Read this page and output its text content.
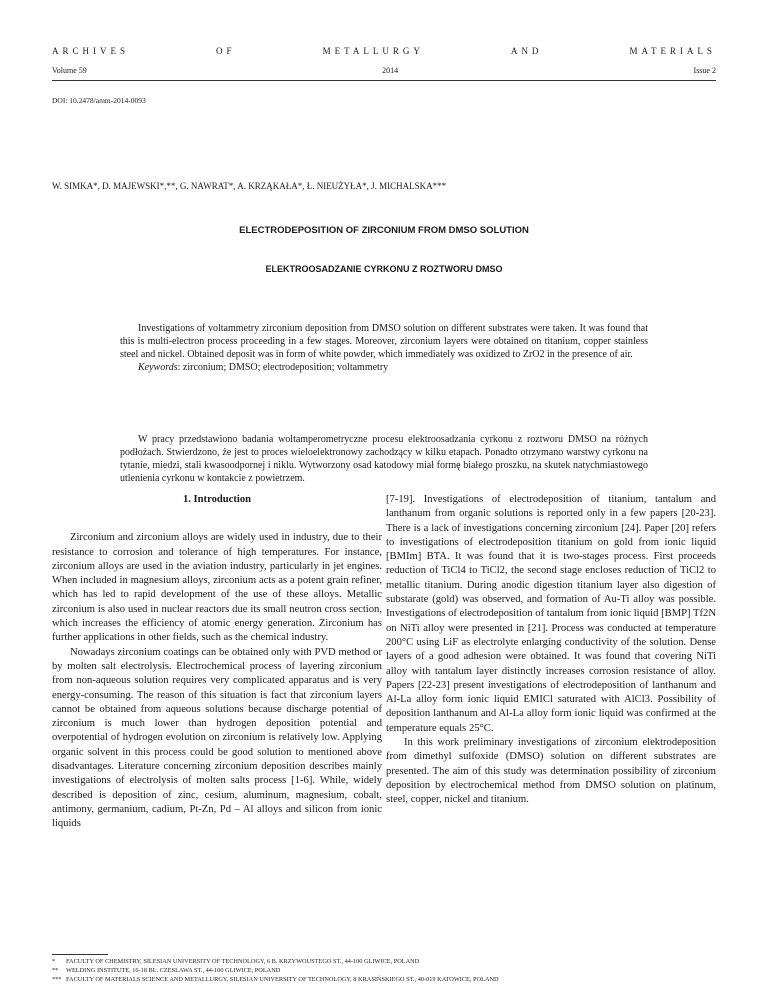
ARCHIVES	OF	METALLURGY	AND	MATERIALS
Volume 59	2014	Issue 2
DOI: 10.2478/amm-2014-0093
W. SIMKA*, D. MAJEWSKI*,**, G. NAWRAT*, A. KRZĄKAŁA*, Ł. NIEUŻYŁA*, J. MICHALSKA***
ELECTRODEPOSITION OF ZIRCONIUM FROM DMSO SOLUTION
ELEKTROOSADZANIE CYRKONU Z ROZTWORU DMSO

Investigations of voltammetry zirconium deposition from DMSO solution on different substrates were taken. It was found that this is multi-electron process proceeding in a few stages. Moreover, zirconium layers were obtained on titanium, copper stainless steel and nickel. Obtained deposit was in form of white powder, which immediately was oxidized to ZrO2 in the presence of air.

Keywords: zirconium; DMSO; electrodeposition; voltammetry

W pracy przedstawiono badania woltamperometryczne procesu elektroosadzania cyrkonu z roztworu DMSO na różnych podłożach. Stwierdzono, że jest to proces wieloelektronowy zachodzący w kilku etapach. Ponadto otrzymano warstwy cyrkonu na tytanie, miedzi, stali kwasoodpornej i niklu. Wytworzony osad katodowy miał formę białego proszku, na skutek natychmiastowego utlenienia cyrkonu w kontakcie z powietrzem.

1. Introduction

Zirconium and zirconium alloys are widely used in industry, due to their resistance to corrosion and tolerance of high temperatures. For instance, zirconium alloys are used in the aviation industry, particularly in jet engines. When included in magnesium alloys, zirconium acts as a potent grain refiner, which has led to rapid development of the use of these alloys. Metallic zirconium is also used in nuclear reactors due its small neutron cross section, which increases the efficiency of atomic energy generation. Zirconium has further applications in other fields, such as the chemical industry.

Nowadays zirconium coatings can be obtained only with PVD method or by molten salt electrolysis. Electrochemical process of layering zirconium from non-aqueous solution requires very complicated apparatus and is very energy-consuming. The reason of this situation is fact that zirconium layers cannot be obtained from aqueous solutions because discharge potential of zirconium is much lower than hydrogen deposition potential and overpotential of hydrogen evolution on zirconium is relatively low. Applying organic solvent in this process could be good solution to mentioned above disadvantages. Literature concerning zirconium deposition describes mainly investigations of electrolysis of molten salts process [1-6]. While, widely described is deposition of zinc, cesium, aluminum, magnesium, cobalt, antimony, germanium, cadium, Pt-Zn, Pd – Al alloys and silicon from ionic liquids

[7-19]. Investigations of electrodeposition of titanium, tantalum and lanthanum from organic solutions is reported only in a few papers [20-23]. There is a lack of investigations concerning zirconium [24]. Paper [20] refers to investigations of electrodeposition titanium on gold from ionic liquid [BMIm] BTA. It was found that it is two-stages process. First proceeds reduction of TiCl4 to TiCl2, the second stage encloses reduction of TiCl2 to metallic titanium. During anodic digestion titanium layer also digestion of substarate (gold) was observed, and formation of Au-Ti alloy was possible. Investigations of electrodeposition of tantalum from ionic liquid [BMP] Tf2N on NiTi alloy were presented in [21]. Process was conducted at temperature 200°C using LiF as electrolyte enlarging conductivity of the solution. Dense layers of a good adhesion were obtained. It was found that covering NiTi alloy with tantalum layer distinctly increases corrosion resistance of alloy. Papers [22-23] present investigations of electrodeposition of lanthanum and Al-La alloy form ionic liquid EMICl saturated with AlCl3. Possibility of deposition lanthanum and Al-La alloy form ionic liquid was confirmed at the temperature equals 25°C.

In this work preliminary investigations of zirconium elektrodeposition from dimethyl sulfoxide (DMSO) solution on different substrates are presented. The aim of this study was determination possibility of zirconium deposition by electrochemical method from DMSO solution on platinum, steel, copper, nickel and titanium.

* FACULTY OF CHEMISTRY, SILESIAN UNIVERSITY OF TECHNOLOGY, 6 B. KRZYWOUSTEGO ST., 44-100 GLIWICE, POLAND
** WELDING INSTITUTE, 16-18 BL. CZESLAWA ST., 44-100 GLIWICE, POLAND
*** FACULTY OF MATERIALS SCIENCE AND METALLURGY, SILESIAN UNIVERSITY OF TECHNOLOGY, 8 KRASIŃSKIEGO ST., 40-019 KATOWICE, POLAND
